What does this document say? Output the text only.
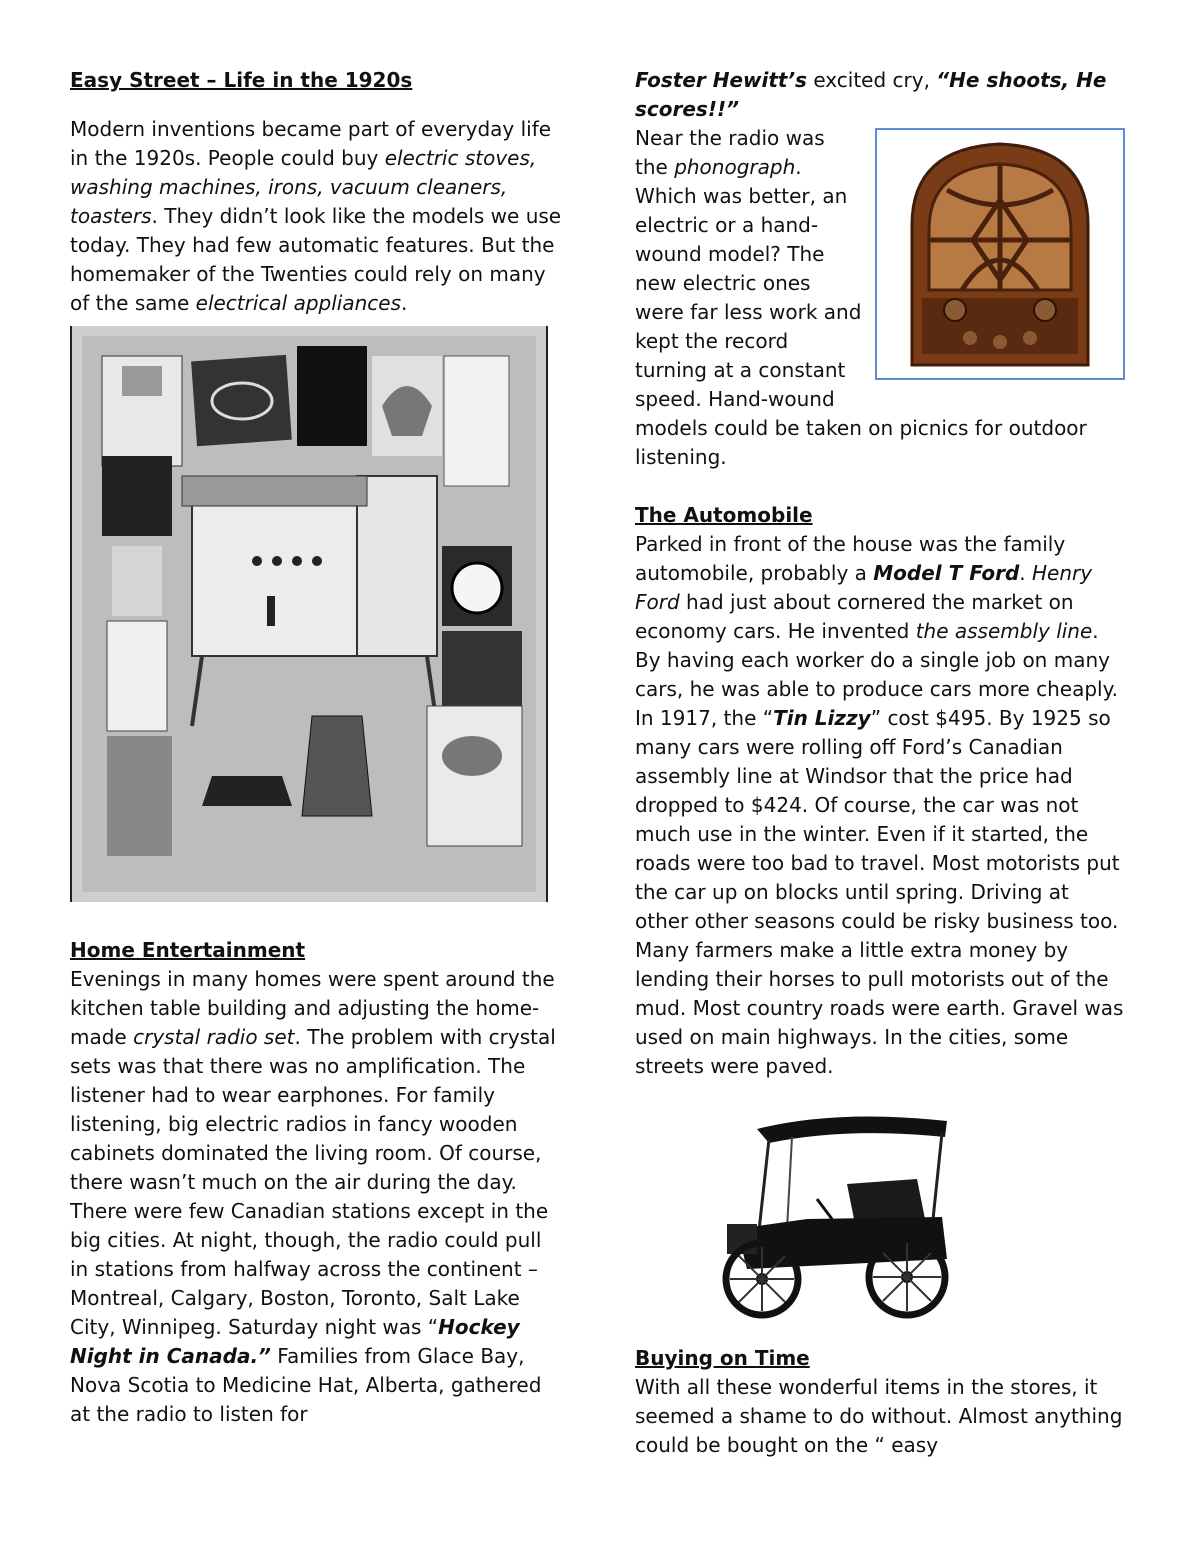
Easy Street – Life in the 1920s

Modern inventions became part of everyday life in the 1920s. People could buy electric stoves, washing machines, irons, vacuum cleaners, toasters. They didn’t look like the models we use today. They had few automatic features. But the homemaker of the Twenties could rely on many of the same electrical appliances.

Home Entertainment

Evenings in many homes were spent around the kitchen table building and adjusting the home-made crystal radio set. The problem with crystal sets was that there was no amplification. The listener had to wear earphones. For family listening, big electric radios in fancy wooden cabinets dominated the living room. Of course, there wasn’t much on the air during the day. There were few Canadian stations except in the big cities. At night, though, the radio could pull in stations from halfway across the continent – Montreal, Calgary, Boston, Toronto, Salt Lake City, Winnipeg. Saturday night was “Hockey Night in Canada.” Families from Glace Bay, Nova Scotia to Medicine Hat, Alberta, gathered at the radio to listen for

Foster Hewitt’s excited cry, “He shoots, He scores!!”

Near the radio was the phonograph. Which was better, an electric or a hand-wound model? The new electric ones were far less work and kept the record turning at a constant speed. Hand-wound models could be taken on picnics for outdoor listening.

The Automobile

Parked in front of the house was the family automobile, probably a Model T Ford. Henry Ford had just about cornered the market on economy cars. He invented the assembly line. By having each worker do a single job on many cars, he was able to produce cars more cheaply. In 1917, the “Tin Lizzy” cost $495. By 1925 so many cars were rolling off Ford’s Canadian assembly line at Windsor that the price had dropped to $424. Of course, the car was not much use in the winter. Even if it started, the roads were too bad to travel. Most motorists put the car up on blocks until spring. Driving at other other seasons could be risky business too. Many farmers make a little extra money by lending their horses to pull motorists out of the mud. Most country roads were earth. Gravel was used on main highways. In the cities, some streets were paved.

Buying on Time

With all these wonderful items in the stores, it seemed a shame to do without. Almost anything could be bought on the “ easy
